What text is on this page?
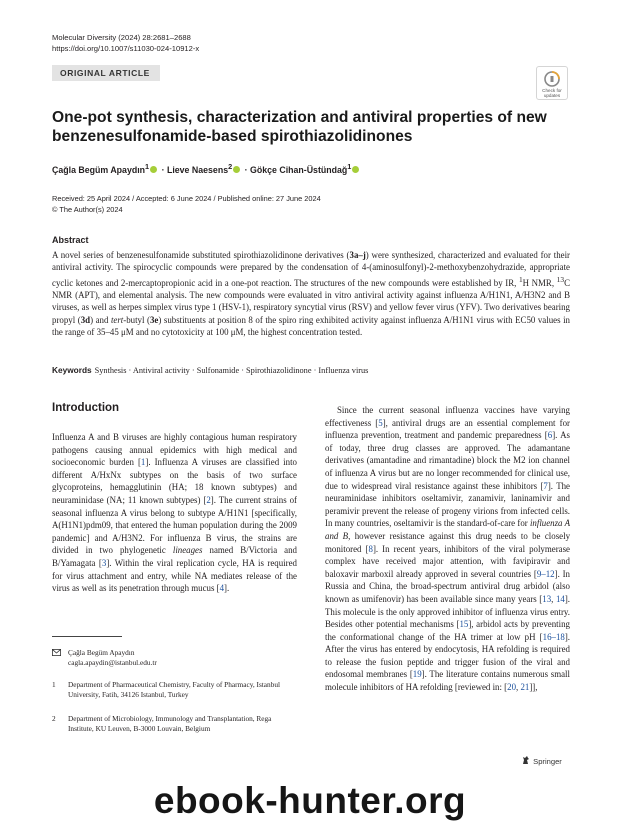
Molecular Diversity (2024) 28:2681–2688
https://doi.org/10.1007/s11030-024-10912-x
ORIGINAL ARTICLE
Check for
updates
One-pot synthesis, characterization and antiviral properties of new benzenesulfonamide-based spirothiazolidinones
Çağla Begüm Apaydın$^1$ · Lieve Naesens$^2$ · Gökçe Cihan-Üstündağ$^1$
Received: 25 April 2024 / Accepted: 6 June 2024 / Published online: 27 June 2024
© The Author(s) 2024
Abstract
A novel series of benzenesulfonamide substituted spirothiazolidinone derivatives (3a–j) were synthesized, characterized and evaluated for their antiviral activity. The spirocyclic compounds were prepared by the condensation of 4-(aminosulfonyl)-2-methoxybenzohydrazide, appropriate cyclic ketones and 2-mercaptopropionic acid in a one-pot reaction. The structures of the new compounds were established by IR, $^1$H NMR, $^{13}$C NMR (APT), and elemental analysis. The new compounds were evaluated in vitro antiviral activity against influenza A/H1N1, A/H3N2 and B viruses, as well as herpes simplex virus type 1 (HSV-1), respiratory syncytial virus (RSV) and yellow fever virus (YFV). Two derivatives bearing propyl (3d) and tert-butyl (3e) substituents at position 8 of the spiro ring exhibited activity against influenza A/H1N1 virus with EC50 values in the range of 35–45 μM and no cytotoxicity at 100 μM, the highest concentration tested.
Keywords Synthesis · Antiviral activity · Sulfonamide · Spirothiazolidinone · Influenza virus
Introduction

Influenza A and B viruses are highly contagious human respiratory pathogens causing annual epidemics with high medical and socioeconomic burden [1]. Influenza A viruses are classified into different A/HxNx subtypes on the basis of two surface glycoproteins, hemagglutinin (HA; 18 known subtypes) and neuraminidase (NA; 11 known subtypes) [2]. The current strains of seasonal influenza A virus belong to subtype A/H1N1 [specifically, A(H1N1)pdm09, that entered the human population during the 2009 pandemic] and A/H3N2. For influenza B virus, the strains are divided in two phylogenetic lineages named B/Victoria and B/Yamagata [3]. Within the viral replication cycle, HA is required for virus attachment and entry, while NA mediates release of the virus as well as its penetration through mucus [4].

Since the current seasonal influenza vaccines have varying effectiveness [5], antiviral drugs are an essential complement for influenza prevention, treatment and pandemic preparedness [6]. As of today, three drug classes are approved. The adamantane derivatives (amantadine and rimantadine) block the M2 ion channel of influenza A virus but are no longer recommended for clinical use, due to widespread viral resistance against these inhibitors [7]. The neuraminidase inhibitors oseltamivir, zanamivir, laninamivir and peramivir prevent the release of progeny virions from infected cells. In many countries, oseltamivir is the standard-of-care for influenza A and B, however resistance against this drug needs to be closely monitored [8]. In recent years, inhibitors of the viral polymerase complex have received major attention, with favipiravir and baloxavir marboxil already approved in several countries [9–12]. In Russia and China, the broad-spectrum antiviral drug arbidol (also known as umifenovir) has been available since many years [13, 14]. This molecule is the only approved inhibitor of influenza virus entry. Besides other potential mechanisms [15], arbidol acts by preventing the conformational change of the HA trimer at low pH [16–18]. After the virus has entered by endocytosis, HA refolding is required to release the fusion peptide and trigger fusion of the viral and endosomal membranes [19]. The literature contains numerous small molecule inhibitors of HA refolding [reviewed in: [20, 21]],

Çağla Begüm Apaydın
cagla.apaydin@istanbul.edu.tr
1 Department of Pharmaceutical Chemistry, Faculty of Pharmacy, Istanbul University, Fatih, 34126 Istanbul, Turkey
2 Department of Microbiology, Immunology and Transplantation, Rega Institute, KU Leuven, B-3000 Louvain, Belgium
Springer
ebook-hunter.org
